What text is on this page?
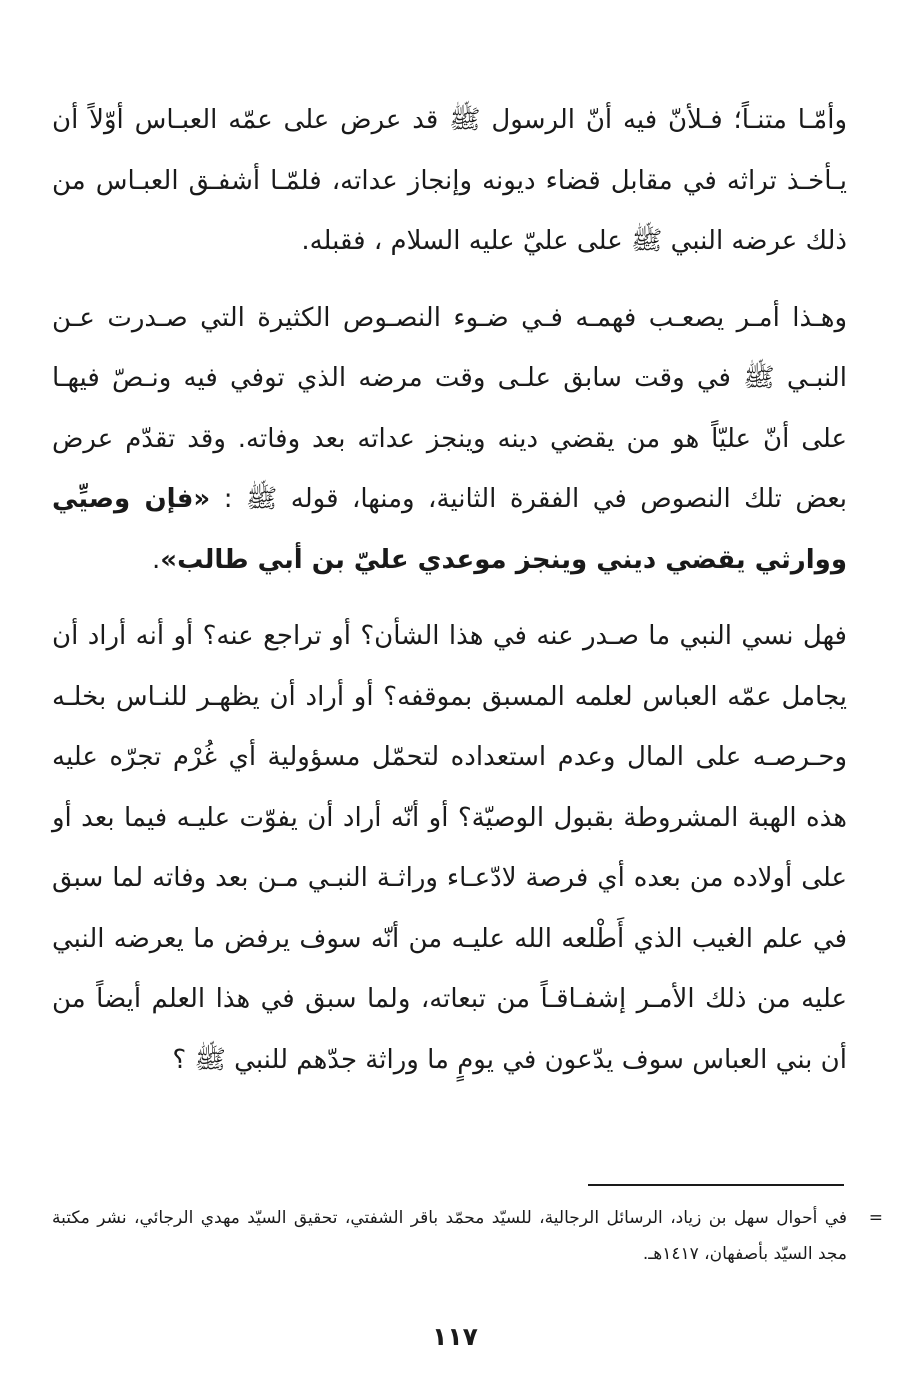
وأمّـا متنـاً؛ فـلأنّ فيه أنّ الرسول ﷺ قد عرض على عمّه العبـاس أوّلاً أن يـأخـذ تراثه في مقابل قضاء ديونه وإنجاز عداته، فلمّـا أشفـق العبـاس من ذلك عرضه النبي ﷺ على عليّ عليه السلام ، فقبله.

وهـذا أمـر يصعـب فهمـه فـي ضـوء النصـوص الكثيرة التي صـدرت عـن النبـي ﷺ في وقت سابق علـى وقت مرضه الذي توفي فيه ونـصّ فيهـا على أنّ عليّاً هو من يقضي دينه وينجز عداته بعد وفاته. وقد تقدّم عرض بعض تلك النصوص في الفقرة الثانية، ومنها، قوله ﷺ : «فإن وصيِّي ووارثي يقضي ديني وينجز موعدي عليّ بن أبي طالب».

فهل نسي النبي ما صـدر عنه في هذا الشأن؟ أو تراجع عنه؟ أو أنه أراد أن يجامل عمّه العباس لعلمه المسبق بموقفه؟ أو أراد أن يظهـر للنـاس بخلـه وحـرصـه على المال وعدم استعداده لتحمّل مسؤولية أي غُرْم تجرّه عليه هذه الهبة المشروطة بقبول الوصيّة؟ أو أنّه أراد أن يفوّت عليـه فيما بعد أو على أولاده من بعده أي فرصة لادّعـاء وراثـة النبـي مـن بعد وفاته لما سبق في علم الغيب الذي أَطْلعه الله عليـه من أنّه سوف يرفض ما يعرضه النبي عليه من ذلك الأمـر إشفـاقـاً من تبعاته، ولما سبق في هذا العلم أيضاً من أن بني العباس سوف يدّعون في يومٍ ما وراثة جدّهم للنبي ﷺ ؟

=

في أحوال سهل بن زياد، الرسائل الرجالية، للسيّد محمّد باقر الشفتي، تحقيق السيّد مهدي الرجائي، نشر مكتبة مجد السيّد بأصفهان، ١٤١٧هـ.

١١٧
